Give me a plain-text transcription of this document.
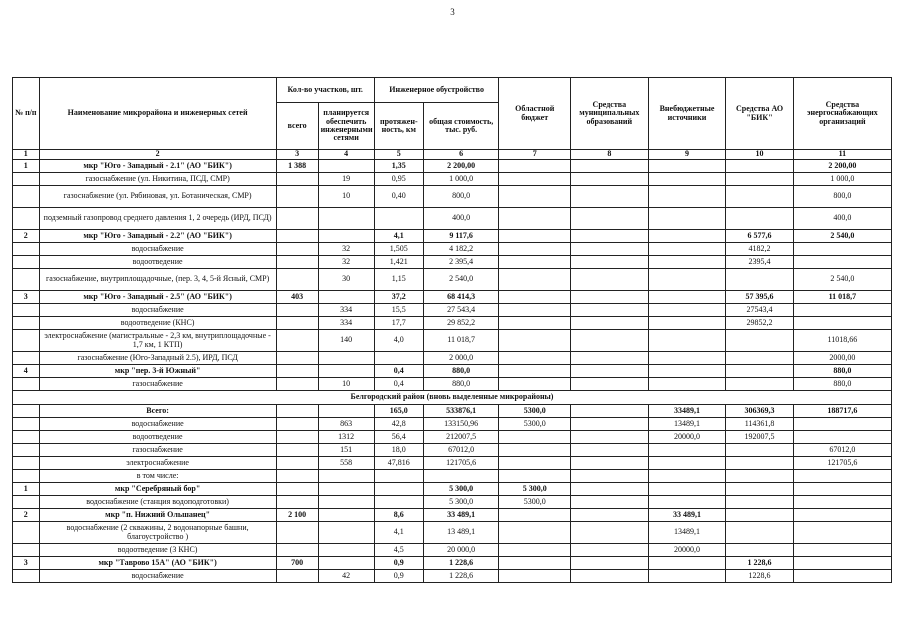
3
№ п/п	Наименование микрорайона и инженерных сетей	Кол-во участков, шт.		Инженерное обустройство		Областной бюджет	Средства муниципальных образований	Внебюджетные источники	Средства АО "БИК"	Средства энергоснабжающих организаций
		всего	планируется обеспечить инженерными сетями	протяжен-ность, км	общая стоимость, тыс. руб.					
1	2	3	4	5	6	7	8	9	10	11
1	мкр "Юго - Западный - 2.1" (АО "БИК")	1 388		1,35	2 200,00					2 200,00
	газоснабжение (ул. Никитина, ПСД, СМР)		19	0,95	1 000,0					1 000,0
	газоснабжение (ул. Рябиновая, ул. Ботаническая, СМР)		10	0,40	800,0					800,0
	подземный газопровод среднего давления 1, 2 очередь (ИРД, ПСД)				400,0					400,0
2	мкр "Юго - Западный - 2.2" (АО "БИК")			4,1	9 117,6				6 577,6	2 540,0
	водоснабжение		32	1,505	4 182,2				4182,2	
	водоотведение		32	1,421	2 395,4				2395,4	
	газоснабжение, внутриплощадочные, (пер. 3, 4, 5-й Ясный, СМР)		30	1,15	2 540,0					2 540,0
3	мкр "Юго - Западный - 2.5" (АО "БИК")	403		37,2	68 414,3				57 395,6	11 018,7
	водоснабжение		334	15,5	27 543,4				27543,4	
	водоотведение (КНС)		334	17,7	29 852,2				29852,2	
	электроснабжение (магистральные - 2,3 км, внутриплощадочные - 1,7 км, 1 КТП)		140	4,0	11 018,7					11018,66
	газоснабжение (Юго-Западный 2.5), ИРД, ПСД				2 000,0					2000,00
4	мкр "пер. 3-й Южный"			0,4	880,0					880,0
	газоснабжение		10	0,4	880,0					880,0
Белгородский район (вновь выделенные микрорайоны)										
	Всего:			165,0	533876,1	5300,0		33489,1	306369,3	188717,6
	водоснабжение		863	42,8	133150,96	5300,0		13489,1	114361,8	
	водоотведение		1312	56,4	212007,5			20000,0	192007,5	
	газоснабжение		151	18,0	67012,0					67012,0
	электроснабжение		558	47,816	121705,6					121705,6
	в том числе:									
1	мкр "Серебряный бор"				5 300,0	5 300,0				
	водоснабжение (станция водоподготовки)				5 300,0	5300,0				
2	мкр "п. Нижний Ольшанец"	2 100		8,6	33 489,1			33 489,1		
	водоснабжение (2 скважины, 2 водонапорные башни, благоустройство )			4,1	13 489,1			13489,1		
	водоотведение (3 КНС)			4,5	20 000,0			20000,0		
3	мкр "Таврово 15А" (АО "БИК")	700		0,9	1 228,6				1 228,6	
	водоснабжение		42	0,9	1 228,6				1228,6	
